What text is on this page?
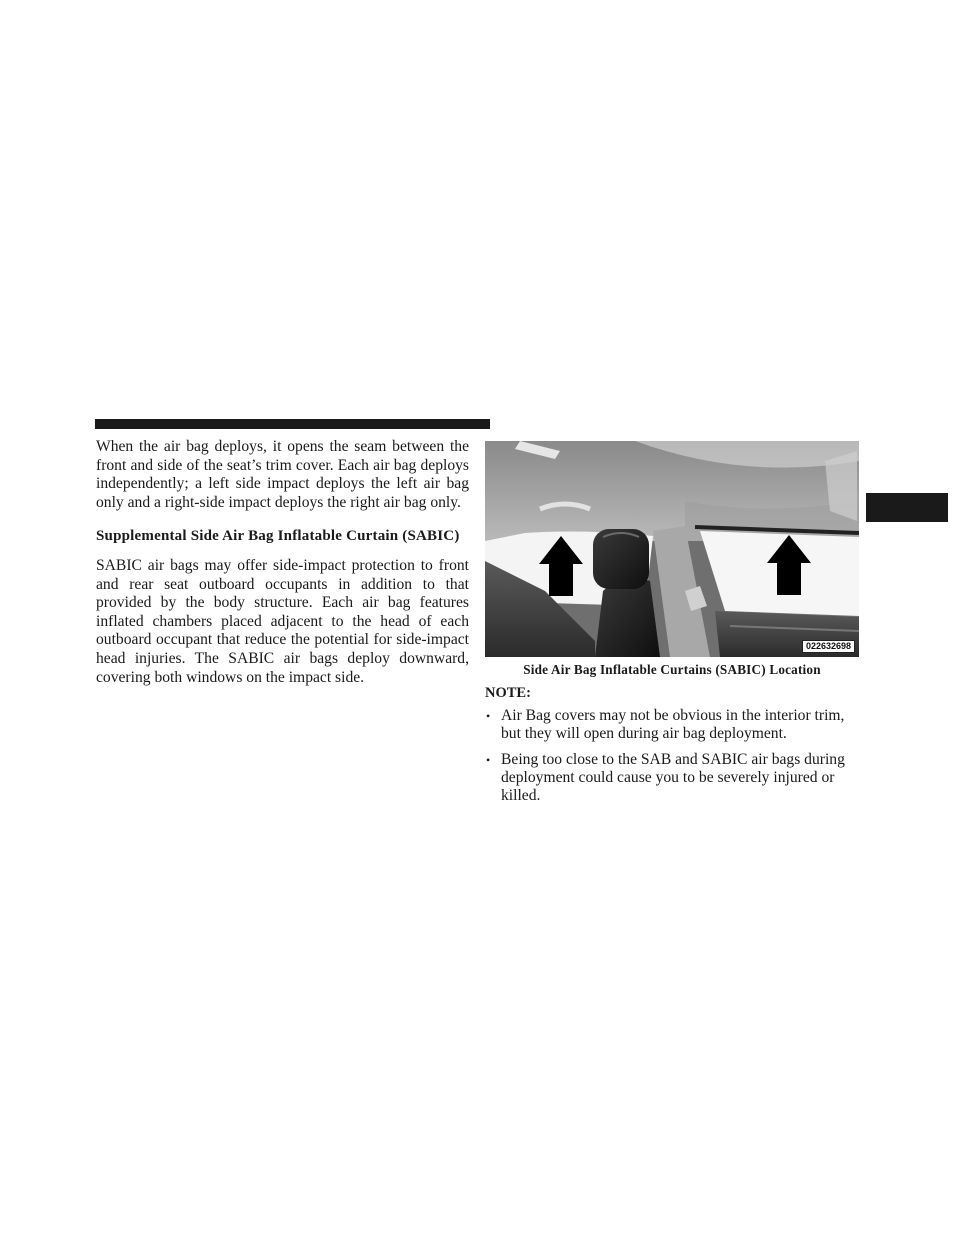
When the air bag deploys, it opens the seam between the front and side of the seat’s trim cover. Each air bag deploys independently; a left side impact deploys the left air bag only and a right-side impact deploys the right air bag only.

Supplemental Side Air Bag Inflatable Curtain (SABIC)

SABIC air bags may offer side-impact protection to front and rear seat outboard occupants in addition to that provided by the body structure. Each air bag features inflated chambers placed adjacent to the head of each outboard occupant that reduce the potential for side-impact head injuries. The SABIC air bags deploy downward, covering both windows on the impact side.

022632698
Side Air Bag Inflatable Curtains (SABIC) Location
NOTE:
• Air Bag covers may not be obvious in the interior trim, but they will open during air bag deployment.
• Being too close to the SAB and SABIC air bags during deployment could cause you to be severely injured or killed.
